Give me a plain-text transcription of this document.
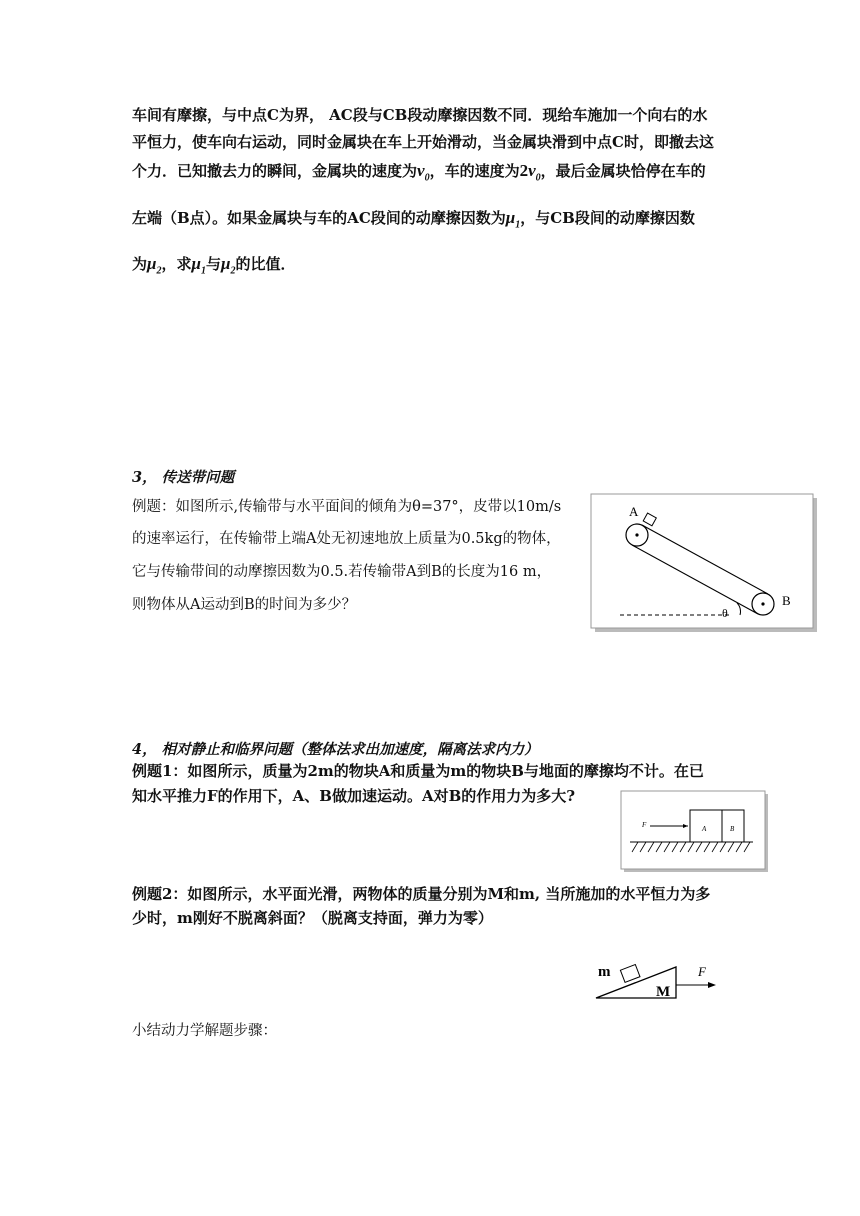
车间有摩擦，与中点C为界， AC段与CB段动摩擦因数不同．现给车施加一个向右的水
平恒力，使车向右运动，同时金属块在车上开始滑动，当金属块滑到中点C时，即撤去这
个力．已知撤去力的瞬间，金属块的速度为$v_0$，车的速度为$2v_0$，最后金属块恰停在车的
左端（B点）。如果金属块与车的AC段间的动摩擦因数为$\mu_1$，与CB段间的动摩擦因数
为$\mu_2$，求$\mu_1$与$\mu_2$的比值．
3， 传送带问题
例题：如图所示,传输带与水平面间的倾角为θ=37°，皮带以10m/s
的速率运行，在传输带上端A处无初速地放上质量为0.5kg的物体，
它与传输带间的动摩擦因数为0.5.若传输带A到B的长度为16 m，
则物体从A运动到B的时间为多少？
A
B
θ
4， 相对静止和临界问题（整体法求出加速度，隔离法求内力）
例题1：如图所示，质量为2m的物块A和质量为m的物块B与地面的摩擦均不计。在已
知水平推力F的作用下，A、B做加速运动。A对B的作用力为多大?
F	A	B
例题2：如图所示，水平面光滑，两物体的质量分别为M和m, 当所施加的水平恒力为多
少时，m刚好不脱离斜面？（脱离支持面，弹力为零）
m
M
F
小结动力学解题步骤：
